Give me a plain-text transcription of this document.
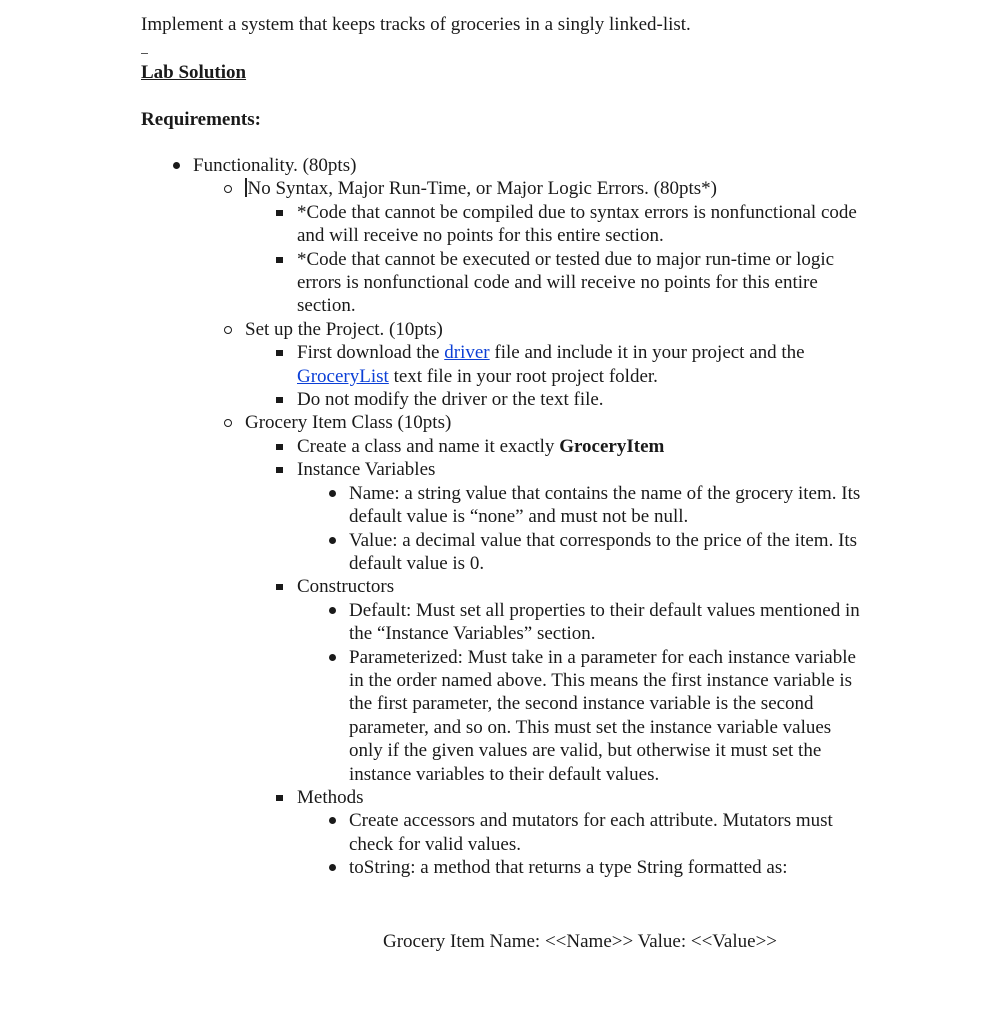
Implement a system that keeps tracks of groceries in a singly linked-list.

Lab Solution

Requirements:

Functionality. (80pts)
No Syntax, Major Run-Time, or Major Logic Errors. (80pts*)
*Code that cannot be compiled due to syntax errors is nonfunctional code and will receive no points for this entire section.
*Code that cannot be executed or tested due to major run-time or logic errors is nonfunctional code and will receive no points for this entire section.
Set up the Project. (10pts)
First download the driver file and include it in your project and the GroceryList text file in your root project folder.
Do not modify the driver or the text file.
Grocery Item Class (10pts)
Create a class and name it exactly GroceryItem
Instance Variables
Name: a string value that contains the name of the grocery item. Its default value is “none” and must not be null.
Value: a decimal value that corresponds to the price of the item. Its default value is 0.
Constructors
Default: Must set all properties to their default values mentioned in the “Instance Variables” section.
Parameterized: Must take in a parameter for each instance variable in the order named above. This means the first instance variable is the first parameter, the second instance variable is the second parameter, and so on. This must set the instance variable values only if the given values are valid, but otherwise it must set the instance variables to their default values.
Methods
Create accessors and mutators for each attribute. Mutators must check for valid values.
toString: a method that returns a type String formatted as:

Grocery Item Name: <<Name>> Value: <<Value>>
